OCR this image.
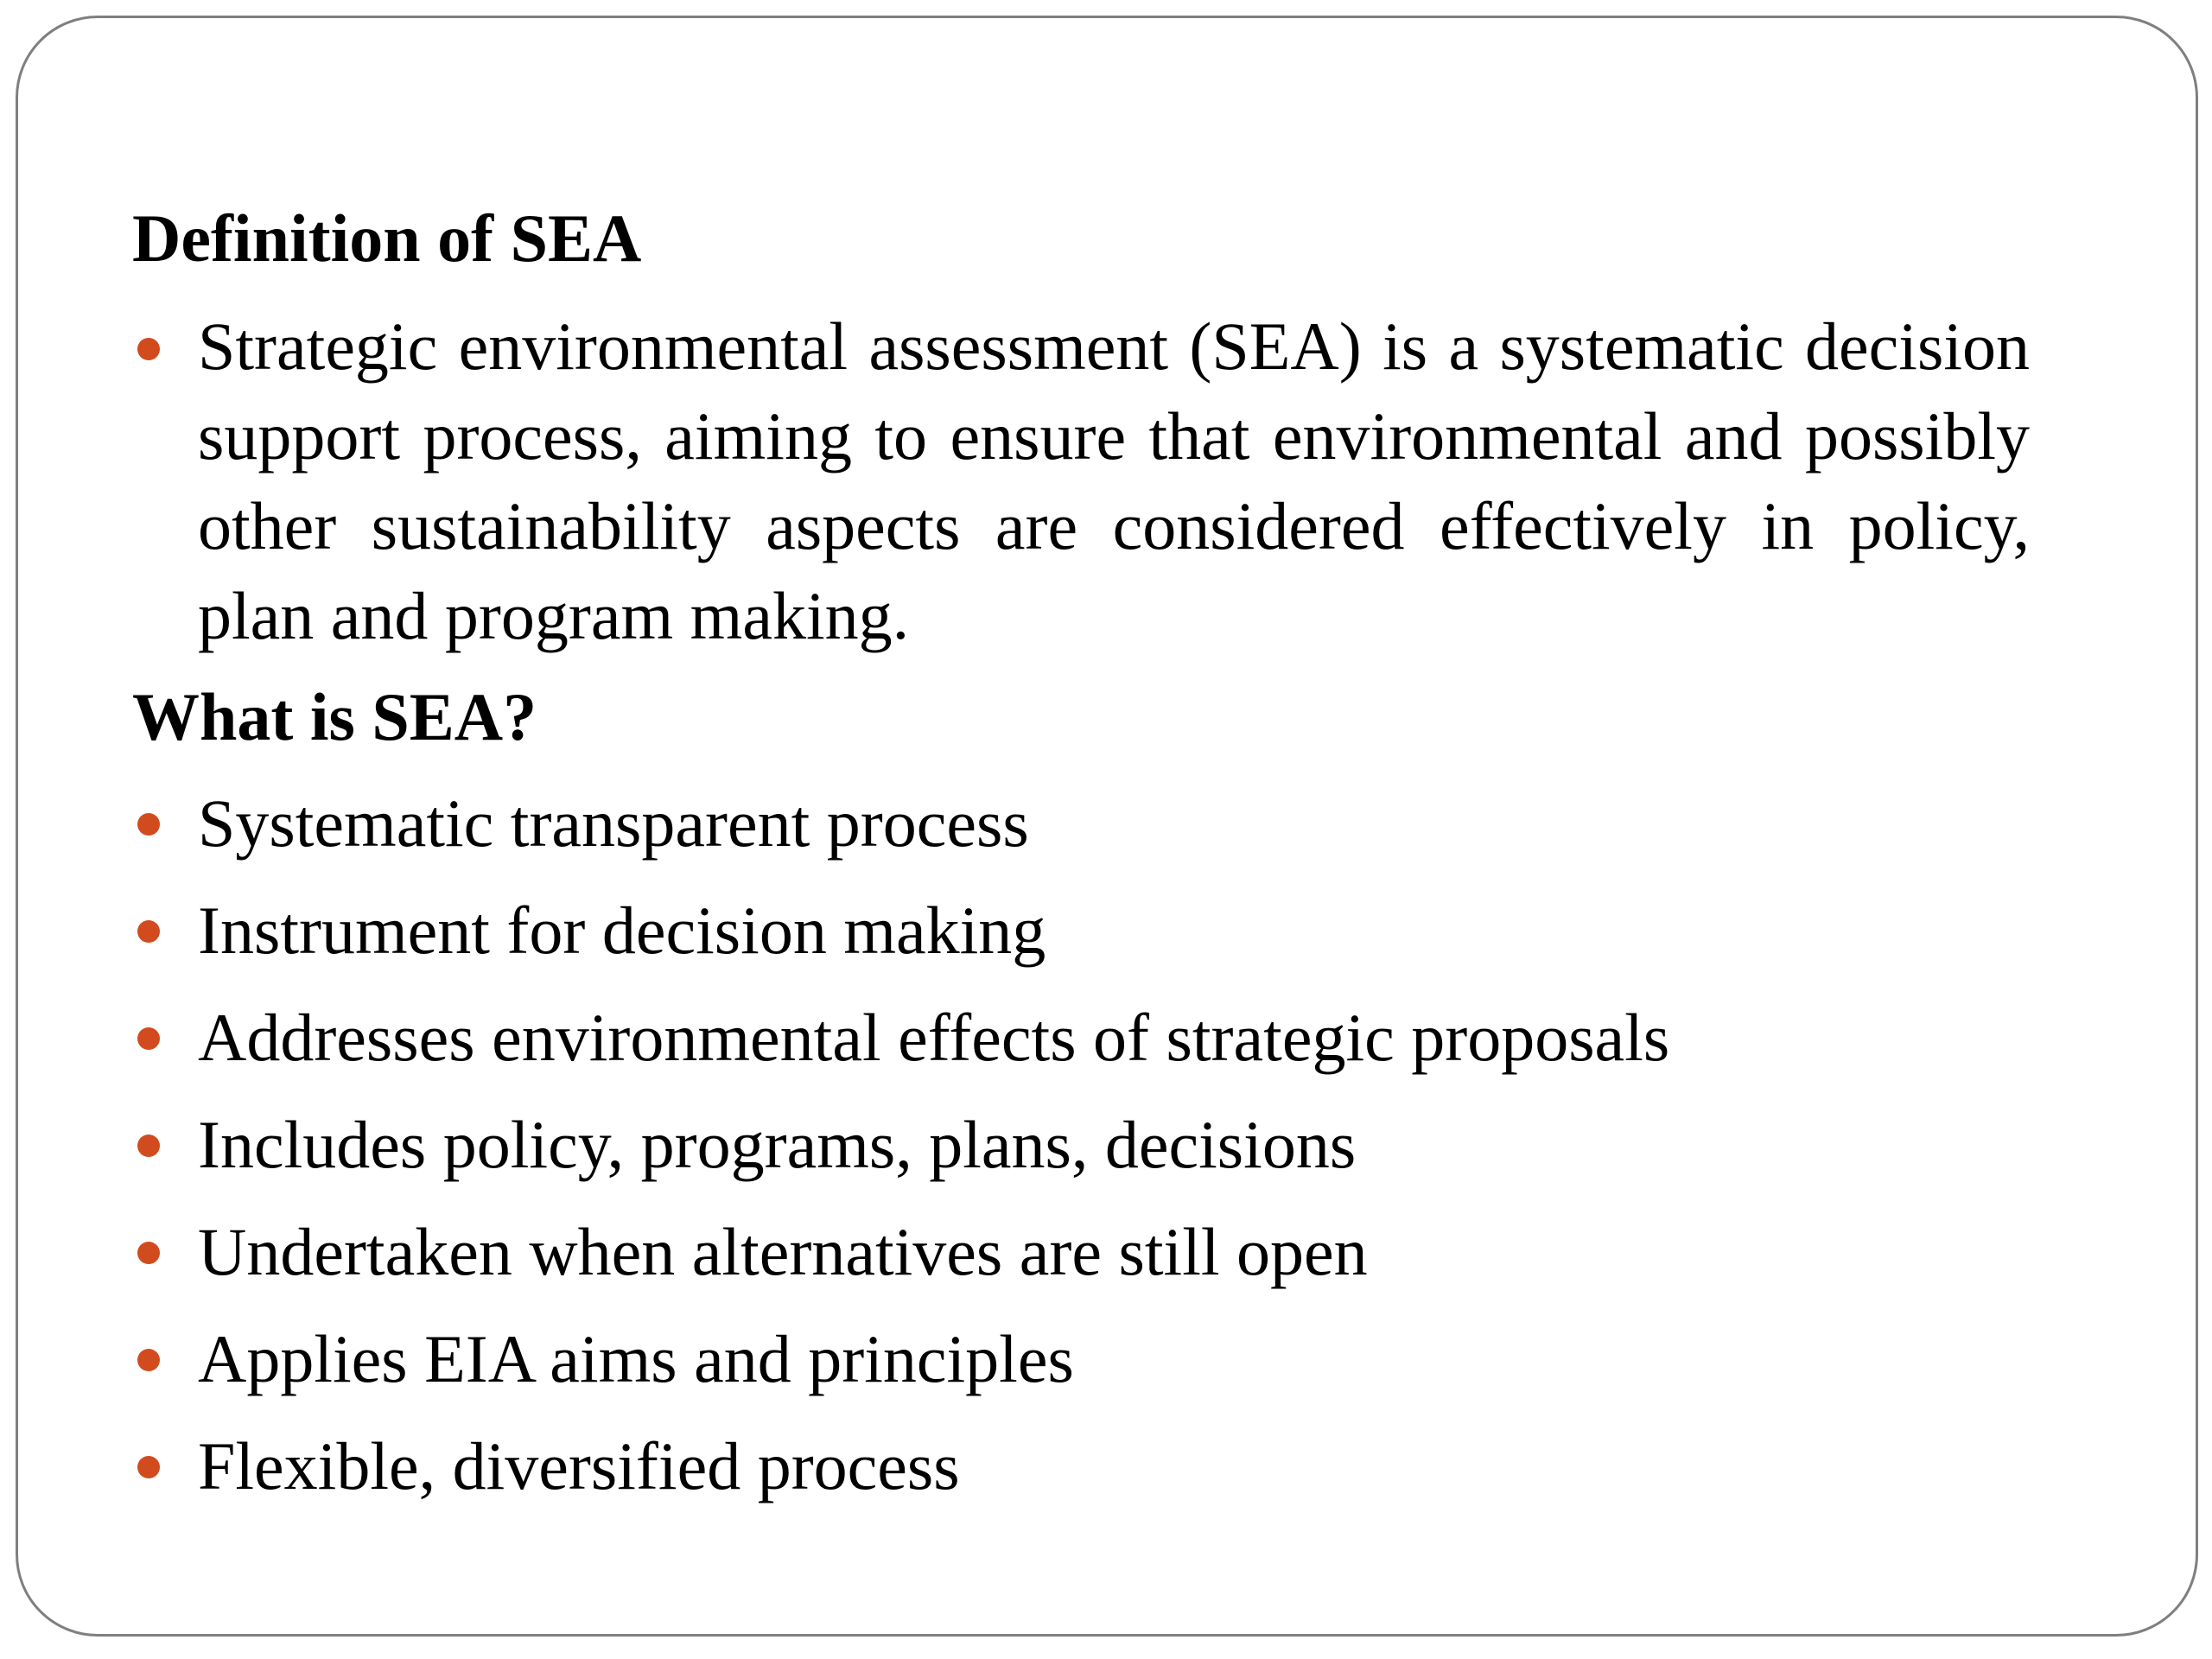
Definition of SEA
Strategic environmental assessment (SEA) is a systematic decision support process, aiming to ensure that environmental and possibly other sustainability aspects are considered effectively in policy, plan and program making.
What is SEA?
Systematic transparent process
Instrument for decision making
Addresses environmental effects of strategic proposals
Includes policy, programs, plans, decisions
Undertaken when alternatives are still open
Applies EIA aims and principles
Flexible, diversified process
